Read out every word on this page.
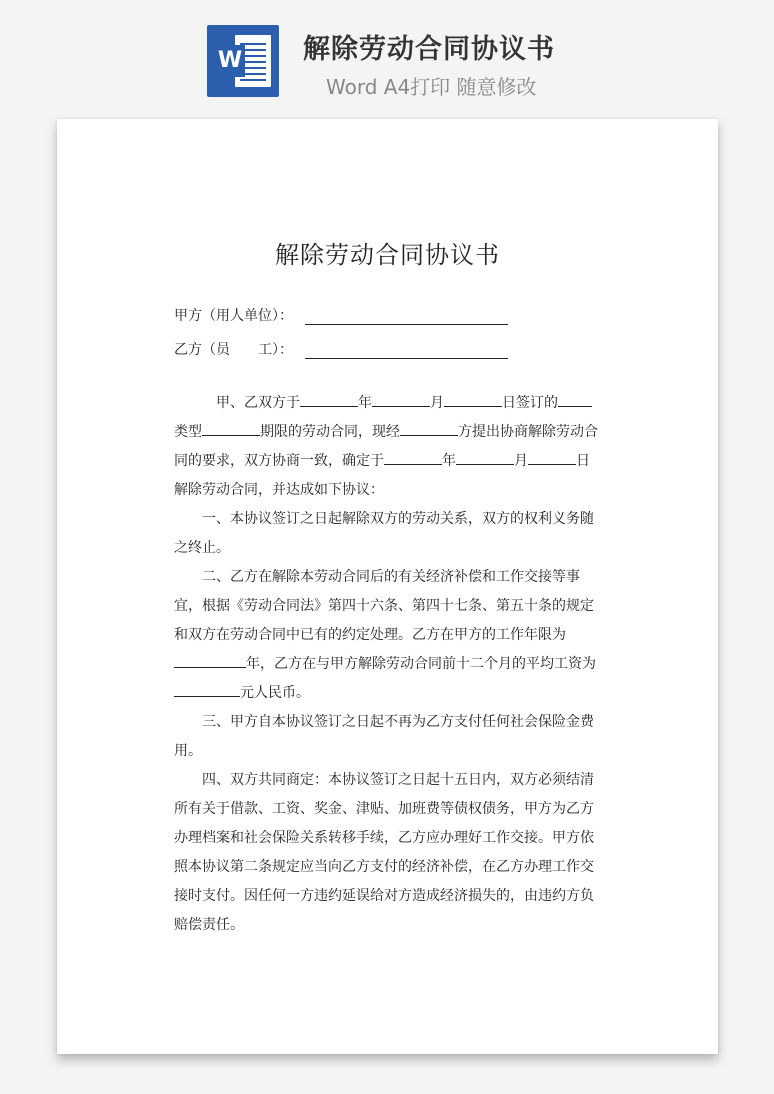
W 解除劳动合同协议书
Word A4打印 随意修改
解除劳动合同协议书
甲方（用人单位）：
乙方（员　　工）：

甲、乙双方于	年	月	日签订的 类型	期限的劳动合同，现经	方提出协商解除劳动合同的要求，双方协商一致，确定于	年	月	日解除劳动合同，并达成如下协议：

一、本协议签订之日起解除双方的劳动关系，双方的权利义务随之终止。

二、乙方在解除本劳动合同后的有关经济补偿和工作交接等事宜，根据《劳动合同法》第四十六条、第四十七条、第五十条的规定和双方在劳动合同中已有的约定处理。乙方在甲方的工作年限为年，乙方在与甲方解除劳动合同前十二个月的平均工资为元人民币。

三、甲方自本协议签订之日起不再为乙方支付任何社会保险金费用。

四、双方共同商定：本协议签订之日起十五日内，双方必须结清所有关于借款、工资、奖金、津贴、加班费等债权债务，甲方为乙方办理档案和社会保险关系转移手续，乙方应办理好工作交接。甲方依照本协议第二条规定应当向乙方支付的经济补偿，在乙方办理工作交接时支付。因任何一方违约延误给对方造成经济损失的，由违约方负赔偿责任。
